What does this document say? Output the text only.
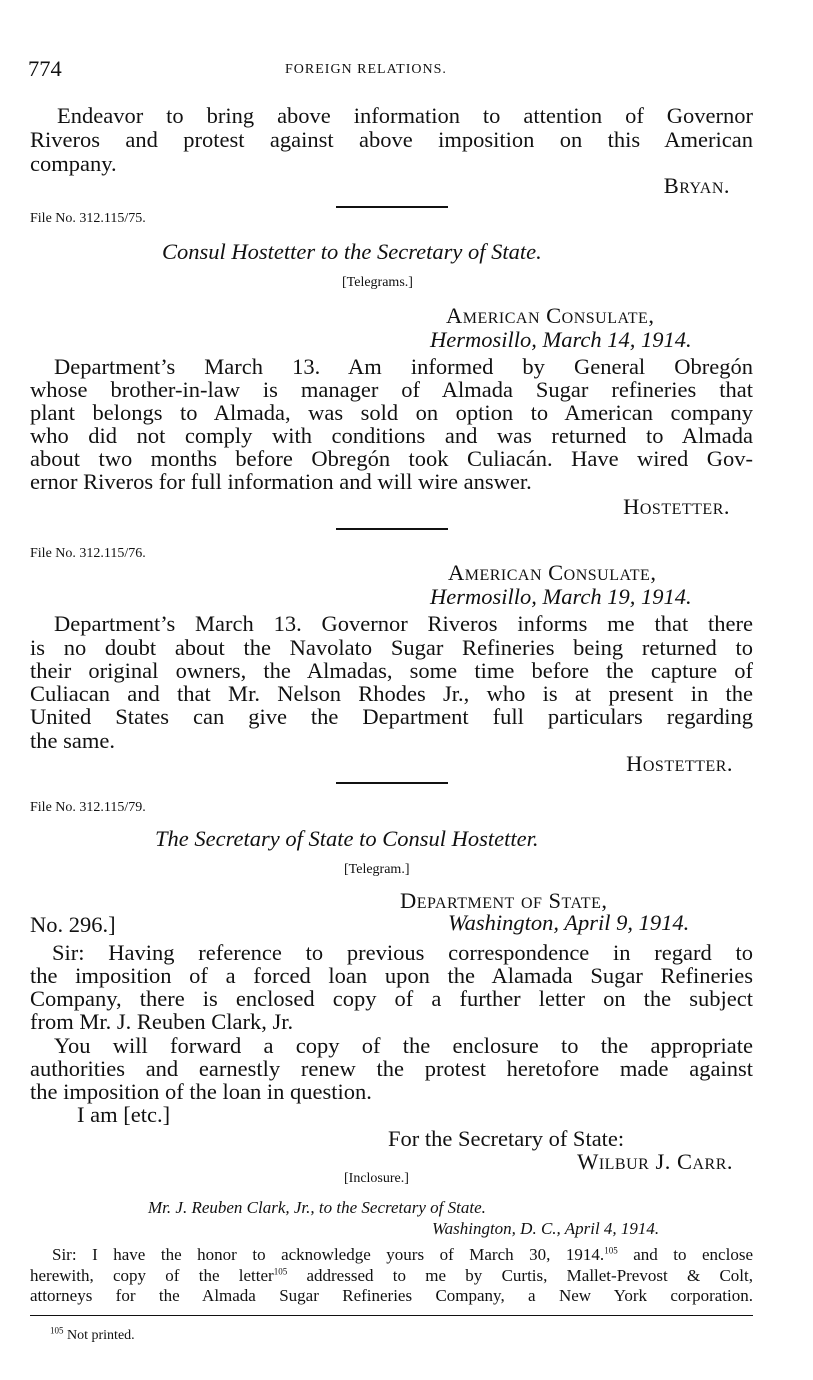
774	FOREIGN RELATIONS.
Endeavor to bring above information to attention of Governor
Riveros and protest against above imposition on this American
company.
Bryan.
File No. 312.115/75.
Consul Hostetter to the Secretary of State.
[Telegrams.]
American Consulate,
Hermosillo, March 14, 1914.
Department’s March 13. Am informed by General Obregón
whose brother-in-law is manager of Almada Sugar refineries that
plant belongs to Almada, was sold on option to American company
who did not comply with conditions and was returned to Almada
about two months before Obregón took Culiacán. Have wired Gov-
ernor Riveros for full information and will wire answer.
Hostetter.
File No. 312.115/76.
American Consulate,
Hermosillo, March 19, 1914.
Department’s March 13. Governor Riveros informs me that there
is no doubt about the Navolato Sugar Refineries being returned to
their original owners, the Almadas, some time before the capture of
Culiacan and that Mr. Nelson Rhodes Jr., who is at present in the
United States can give the Department full particulars regarding
the same.
Hostetter.
File No. 312.115/79.
The Secretary of State to Consul Hostetter.
[Telegram.]
Department of State,
No. 296.]	Washington, April 9, 1914.
Sir: Having reference to previous correspondence in regard to
the imposition of a forced loan upon the Alamada Sugar Refineries
Company, there is enclosed copy of a further letter on the subject
from Mr. J. Reuben Clark, Jr.
You will forward a copy of the enclosure to the appropriate
authorities and earnestly renew the protest heretofore made against
the imposition of the loan in question.
I am [etc.]
For the Secretary of State:
Wilbur J. Carr.
[Inclosure.]
Mr. J. Reuben Clark, Jr., to the Secretary of State.
Washington, D. C., April 4, 1914.
Sir: I have the honor to acknowledge yours of March 30, 1914.$^{105}$ and to enclose
herewith, copy of the letter$^{105}$ addressed to me by Curtis, Mallet-Prevost & Colt,
attorneys for the Almada Sugar Refineries Company, a New York corporation.
$^{105}$ Not printed.
